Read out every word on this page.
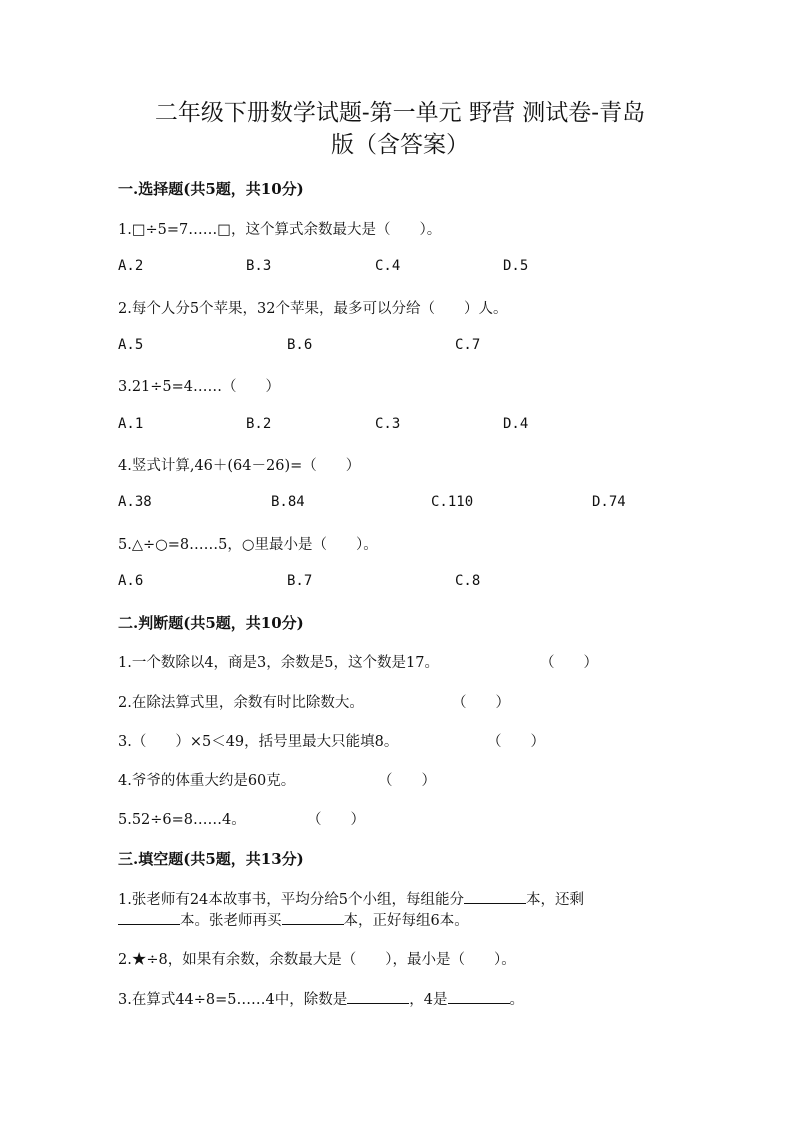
二年级下册数学试题-第一单元 野营 测试卷-青岛
版（含答案）
一.选择题(共5题，共10分)
1.□÷5=7……□，这个算式余数最大是（　　）。
A.2	B.3	C.4	D.5
2.每个人分5个苹果，32个苹果，最多可以分给（　　）人。
A.5	B.6	C.7
3.21÷5=4……（　　）
A.1	B.2	C.3	D.4
4.竖式计算,46＋(64－26)=（　　）
A.38	B.84	C.110	D.74
5.△÷○=8……5，○里最小是（　　）。
A.6	B.7	C.8
二.判断题(共5题，共10分)
1.一个数除以4，商是3，余数是5，这个数是17。	（　　）
2.在除法算式里，余数有时比除数大。	（　　）
3.（　　）×5＜49，括号里最大只能填8。	（　　）
4.爷爷的体重大约是60克。	（　　）
5.52÷6=8……4。	（　　）
三.填空题(共5题，共13分)
1.张老师有24本故事书，平均分给5个小组，每组能分	本，还剩
本。张老师再买	本，正好每组6本。
2.★÷8，如果有余数，余数最大是（　　），最小是（　　）。
3.在算式44÷8=5……4中，除数是	，4是	。
